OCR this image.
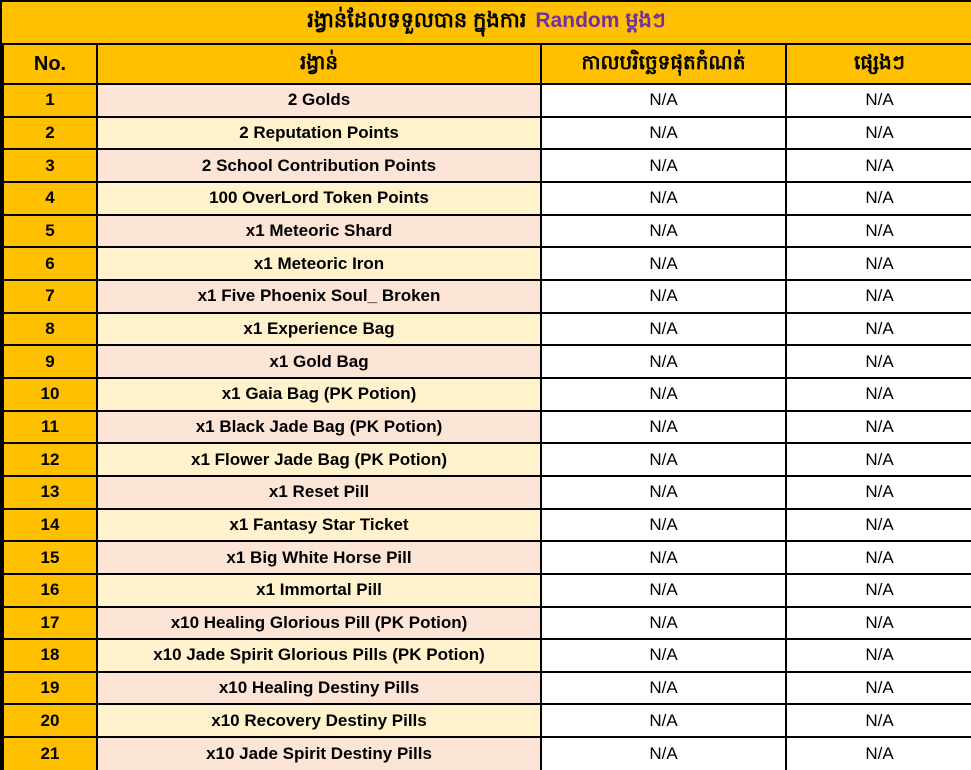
រង្វាន់ដែលទទួលបាន ក្នុងការ Random ម្ដងៗ
No.	រង្វាន់	កាលបរិច្ឆេទផុតកំណត់	ផ្សេងៗ
1	2 Golds	N/A	N/A
2	2 Reputation Points	N/A	N/A
3	2 School Contribution Points	N/A	N/A
4	100 OverLord Token Points	N/A	N/A
5	x1 Meteoric Shard	N/A	N/A
6	x1 Meteoric Iron	N/A	N/A
7	x1 Five Phoenix Soul_ Broken	N/A	N/A
8	x1 Experience Bag	N/A	N/A
9	x1 Gold Bag	N/A	N/A
10	x1 Gaia Bag (PK Potion)	N/A	N/A
11	x1 Black Jade Bag (PK Potion)	N/A	N/A
12	x1 Flower Jade Bag (PK Potion)	N/A	N/A
13	x1 Reset Pill	N/A	N/A
14	x1 Fantasy Star Ticket	N/A	N/A
15	x1 Big White Horse Pill	N/A	N/A
16	x1 Immortal Pill	N/A	N/A
17	x10 Healing Glorious Pill (PK Potion)	N/A	N/A
18	x10 Jade Spirit Glorious Pills (PK Potion)	N/A	N/A
19	x10 Healing Destiny Pills	N/A	N/A
20	x10 Recovery Destiny Pills	N/A	N/A
21	x10 Jade Spirit Destiny Pills	N/A	N/A
